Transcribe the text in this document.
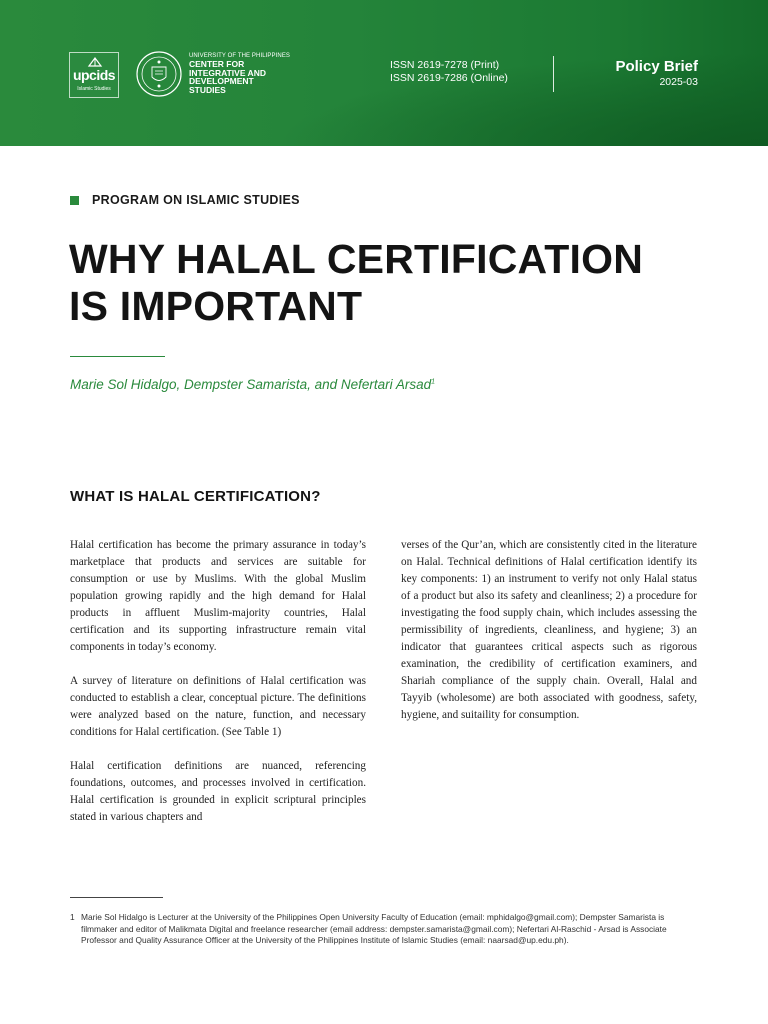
upcids
Islamic Studies
UNIVERSITY OF THE PHILIPPINES
CENTER FOR
INTEGRATIVE AND
DEVELOPMENT
STUDIES
ISSN 2619-7278 (Print)
ISSN 2619-7286 (Online)
Policy Brief
2025-03
PROGRAM ON ISLAMIC STUDIES
WHY HALAL CERTIFICATION
IS IMPORTANT
Marie Sol Hidalgo, Dempster Samarista, and Nefertari Arsad$^1$
WHAT IS HALAL CERTIFICATION?

Halal certification has become the primary assurance in today’s marketplace that products and services are suitable for consumption or use by Muslims. With the global Muslim population growing rapidly and the high demand for Halal products in affluent Muslim-majority countries, Halal certification and its supporting infrastructure remain vital components in today’s economy.

A survey of literature on definitions of Halal certification was conducted to establish a clear, conceptual picture. The definitions were analyzed based on the nature, function, and necessary conditions for Halal certification. (See Table 1)

Halal certification definitions are nuanced, referencing foundations, outcomes, and processes involved in certification. Halal certification is grounded in explicit scriptural principles stated in various chapters and

verses of the Qur’an, which are consistently cited in the literature on Halal. Technical definitions of Halal certification identify its key components: 1) an instrument to verify not only Halal status of a product but also its safety and cleanliness; 2) a procedure for investigating the food supply chain, which includes assessing the permissibility of ingredients, cleanliness, and hygiene; 3) an indicator that guarantees critical aspects such as rigorous examination, the credibility of certification examiners, and Shariah compliance of the supply chain. Overall, Halal and Tayyib (wholesome) are both associated with goodness, safety, hygiene, and suitaility for consumption.

1 Marie Sol Hidalgo is Lecturer at the University of the Philippines Open University Faculty of Education (email: mphidalgo@gmail.com); Dempster Samarista is filmmaker and editor of Malikmata Digital and freelance researcher (email address: dempster.samarista@gmail.com); Nefertari Al-Raschid - Arsad is Associate Professor and Quality Assurance Officer at the University of the Philippines Institute of Islamic Studies (email: naarsad@up.edu.ph).
